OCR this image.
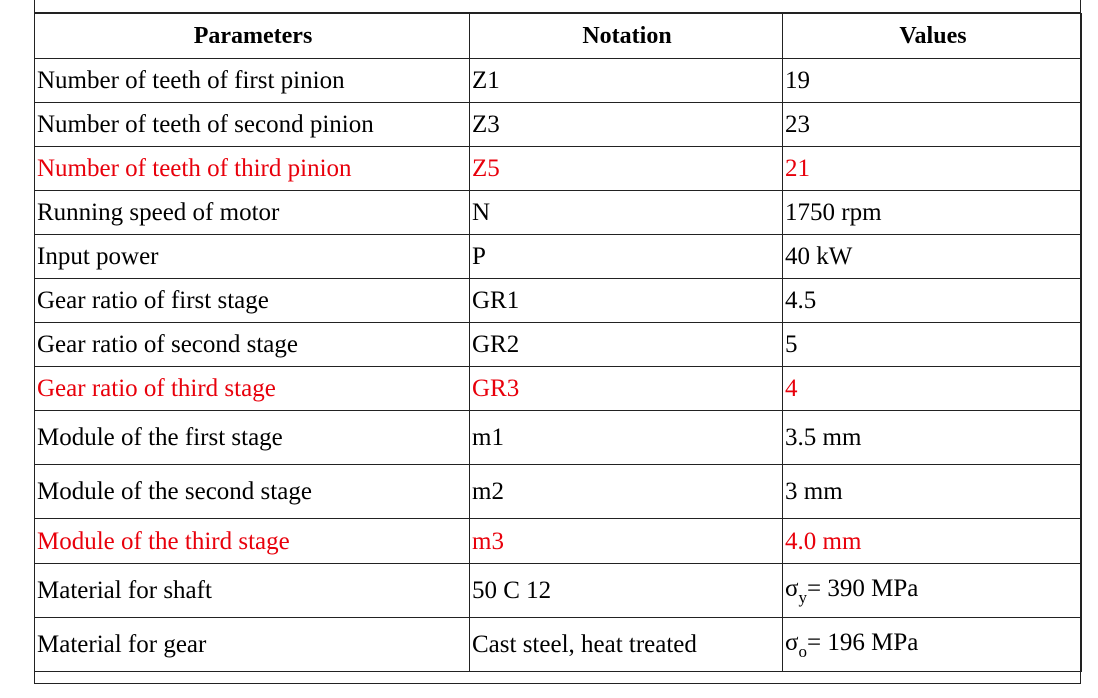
Parameters	Notation	Values
Number of teeth of first pinion	Z1	19
Number of teeth of second pinion	Z3	23
Number of teeth of third pinion	Z5	21
Running speed of motor	N	1750 rpm
Input power	P	40 kW
Gear ratio of first stage	GR1	4.5
Gear ratio of second stage	GR2	5
Gear ratio of third stage	GR3	4
Module of the first stage	m1	3.5 mm
Module of the second stage	m2	3 mm
Module of the third stage	m3	4.0 mm
Material for shaft	50 C 12	$\sigma_y= 390$ MPa
Material for gear	Cast steel, heat treated	$\sigma_o= 196$ MPa
